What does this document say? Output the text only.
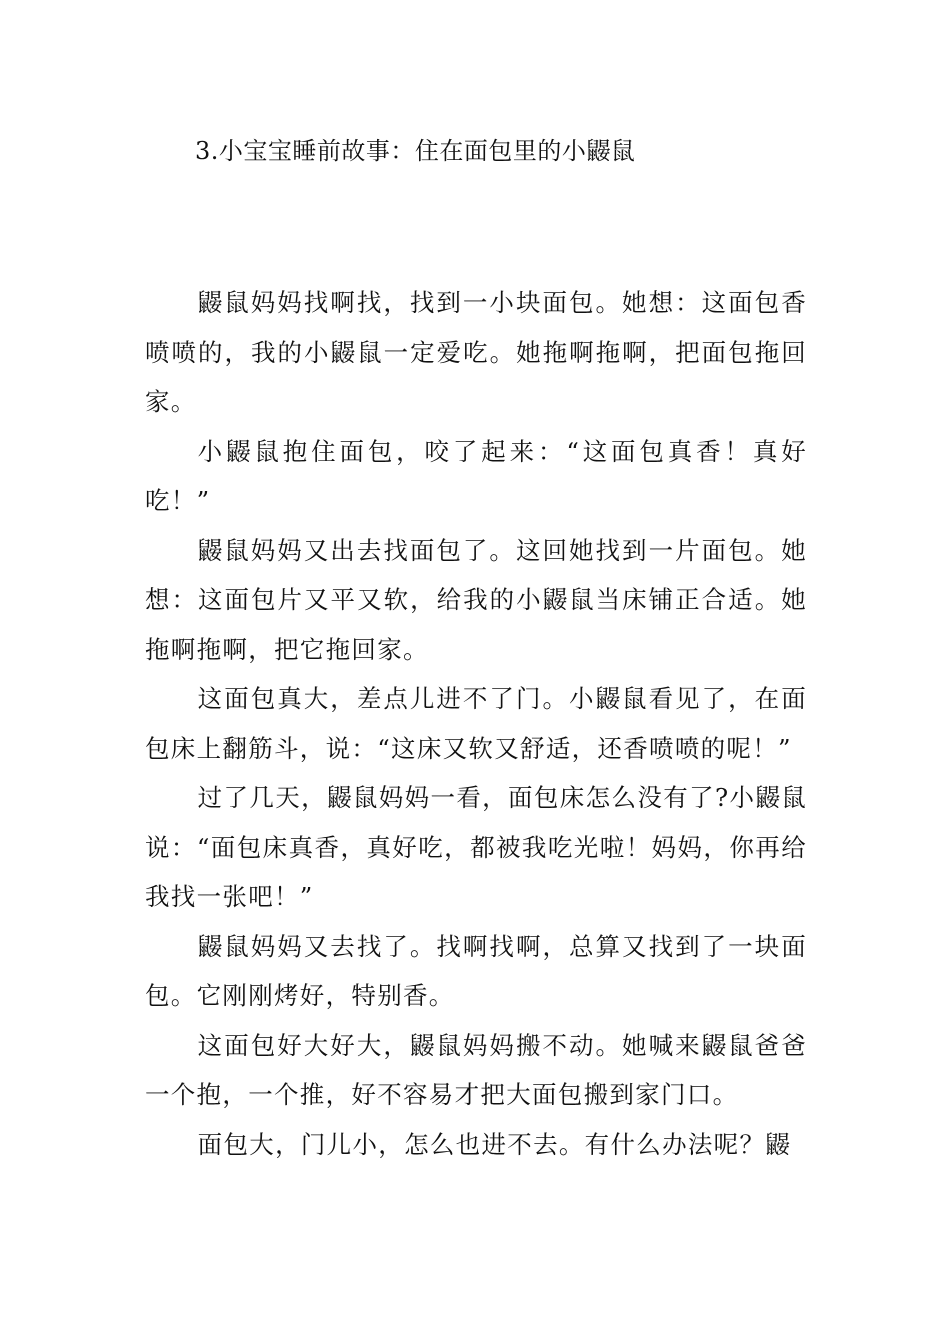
3.小宝宝睡前故事：住在面包里的小鼹鼠

鼹鼠妈妈找啊找，找到一小块面包。她想：这面包香喷喷的，我的小鼹鼠一定爱吃。她拖啊拖啊，把面包拖回家。

小鼹鼠抱住面包，咬了起来：“这面包真香！真好吃！”

鼹鼠妈妈又出去找面包了。这回她找到一片面包。她想：这面包片又平又软，给我的小鼹鼠当床铺正合适。她拖啊拖啊，把它拖回家。

这面包真大，差点儿进不了门。小鼹鼠看见了，在面包床上翻筋斗，说：“这床又软又舒适，还香喷喷的呢！”

过了几天，鼹鼠妈妈一看，面包床怎么没有了?小鼹鼠说：“面包床真香，真好吃，都被我吃光啦！妈妈，你再给我找一张吧！”

鼹鼠妈妈又去找了。找啊找啊，总算又找到了一块面包。它刚刚烤好，特别香。

这面包好大好大，鼹鼠妈妈搬不动。她喊来鼹鼠爸爸一个抱，一个推，好不容易才把大面包搬到家门口。

面包大，门儿小，怎么也进不去。有什么办法呢？鼹
